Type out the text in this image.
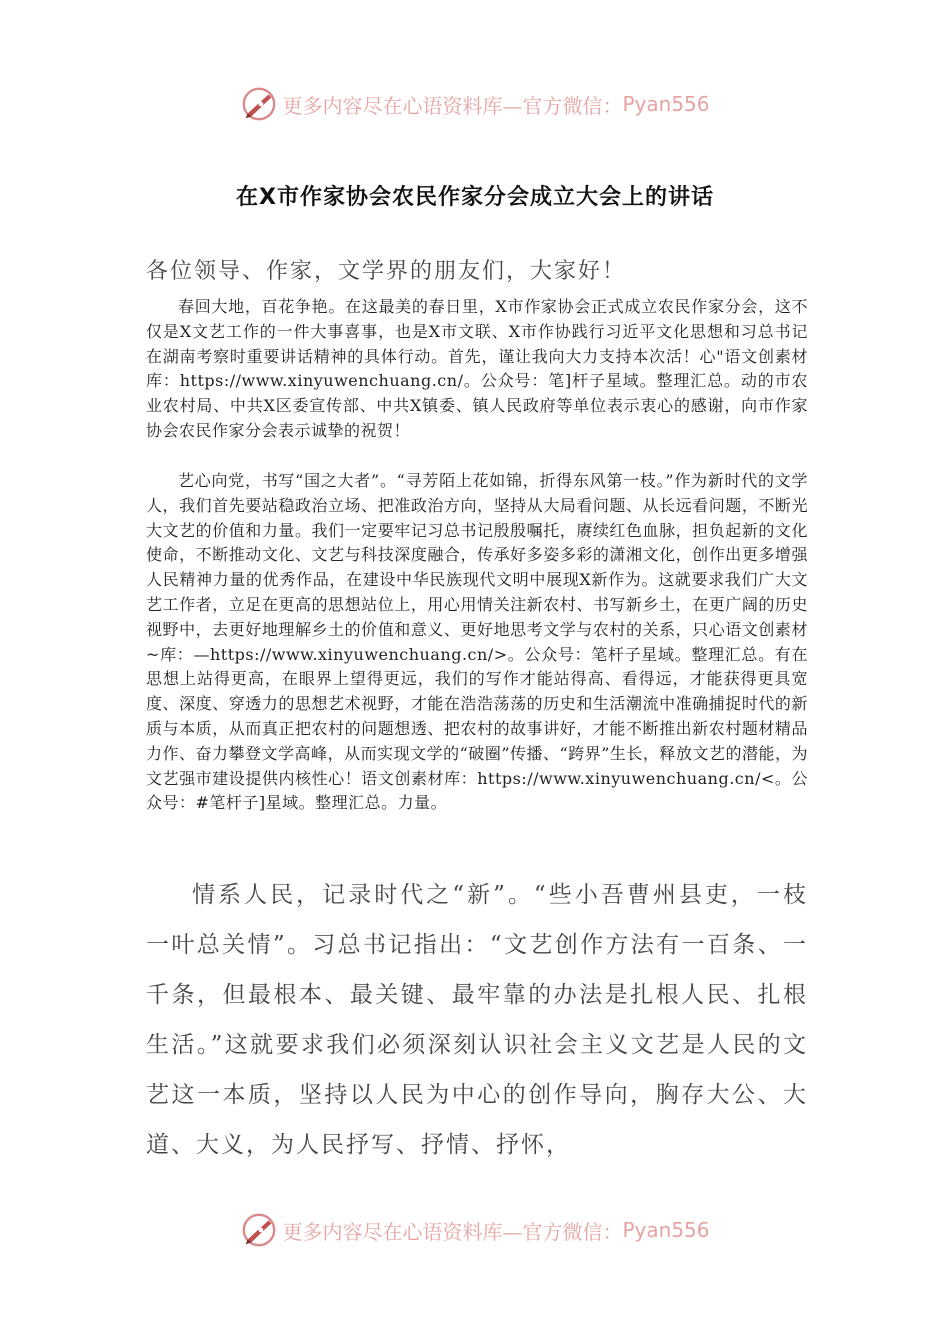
更多内容尽在心语资料库—官方微信： Pyan556
在X市作家协会农民作家分会成立大会上的讲话
各位领导、作家，文学界的朋友们，大家好！

春回大地，百花争艳。在这最美的春日里，X市作家协会正式成立农民作家分会，这不仅是X文艺工作的一件大事喜事，也是X市文联、X市作协践行习近平文化思想和习总书记在湖南考察时重要讲话精神的具体行动。首先，谨让我向大力支持本次活！心"语文创素材库：https://www.xinyuwenchuang.cn/。公众号：笔]杆子星域。整理汇总。动的市农业农村局、中共X区委宣传部、中共X镇委、镇人民政府等单位表示衷心的感谢，向市作家协会农民作家分会表示诚挚的祝贺！

艺心向党，书写“国之大者”。“寻芳陌上花如锦，折得东风第一枝。”作为新时代的文学人，我们首先要站稳政治立场、把准政治方向，坚持从大局看问题、从长远看问题，不断光大文艺的价值和力量。我们一定要牢记习总书记殷殷嘱托，赓续红色血脉，担负起新的文化使命，不断推动文化、文艺与科技深度融合，传承好多姿多彩的潇湘文化，创作出更多增强人民精神力量的优秀作品，在建设中华民族现代文明中展现X新作为。这就要求我们广大文艺工作者，立足在更高的思想站位上，用心用情关注新农村、书写新乡土，在更广阔的历史视野中，去更好地理解乡土的价值和意义、更好地思考文学与农村的关系，只心语文创素材~库：—https://www.xinyuwenchuang.cn/>。公众号：笔杆子星域。整理汇总。有在思想上站得更高，在眼界上望得更远，我们的写作才能站得高、看得远，才能获得更具宽度、深度、穿透力的思想艺术视野，才能在浩浩荡荡的历史和生活潮流中准确捕捉时代的新质与本质，从而真正把农村的问题想透、把农村的故事讲好，才能不断推出新农村题材精品力作、奋力攀登文学高峰，从而实现文学的“破圈”传播、“跨界”生长，释放文艺的潜能，为文艺强市建设提供内核性心！语文创素材库：https://www.xinyuwenchuang.cn/<。公众号：#笔杆子]星域。整理汇总。力量。

情系人民，记录时代之“新”。“些小吾曹州县吏，一枝一叶总关情”。习总书记指出：“文艺创作方法有一百条、一千条，但最根本、最关键、最牢靠的办法是扎根人民、扎根生活。”这就要求我们必须深刻认识社会主义文艺是人民的文艺这一本质，坚持以人民为中心的创作导向，胸存大公、大道、大义，为人民抒写、抒情、抒怀，

更多内容尽在心语资料库—官方微信： Pyan556
